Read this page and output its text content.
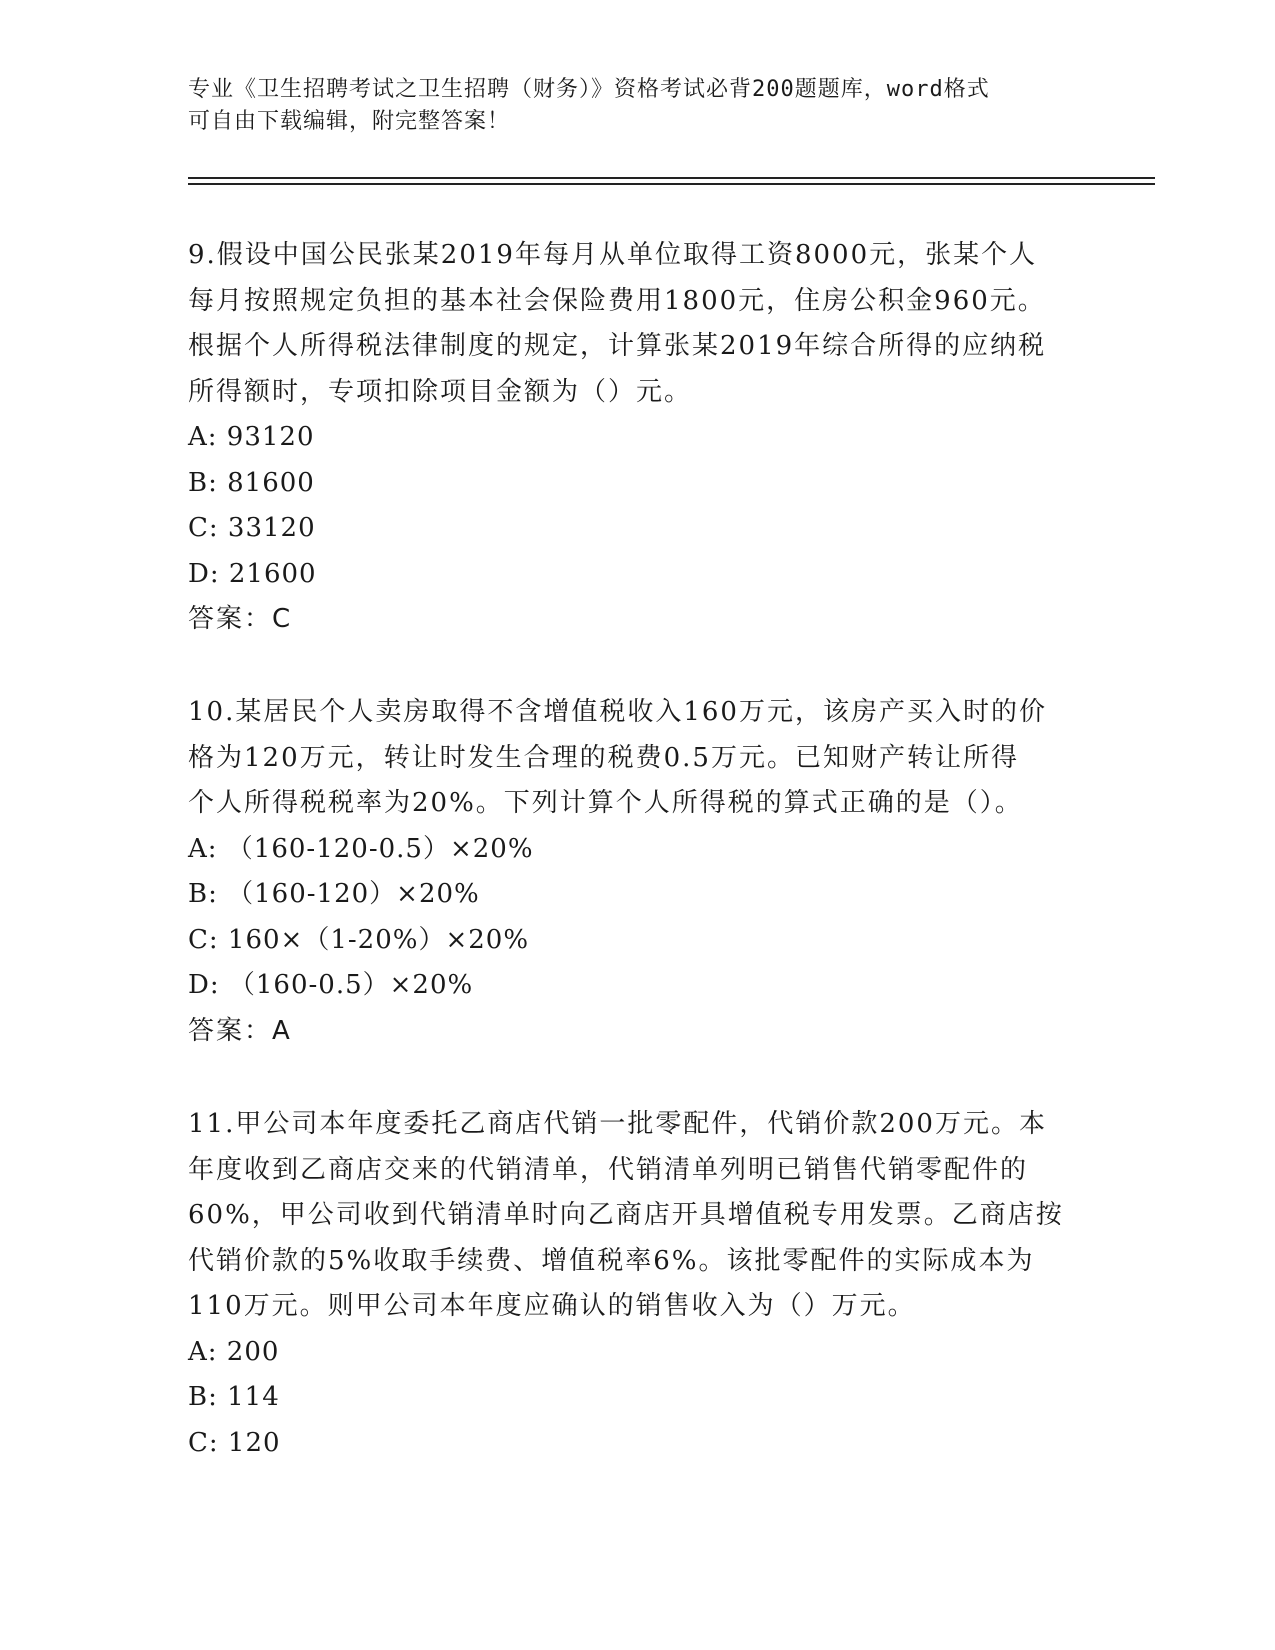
专业《卫生招聘考试之卫生招聘（财务）》资格考试必背200题题库，word格式
可自由下载编辑，附完整答案！
9.假设中国公民张某2019年每月从单位取得工资8000元，张某个人
每月按照规定负担的基本社会保险费用1800元，住房公积金960元。
根据个人所得税法律制度的规定，计算张某2019年综合所得的应纳税
所得额时，专项扣除项目金额为（）元。
A: 93120
B: 81600
C: 33120
D: 21600
答案：C
10.某居民个人卖房取得不含增值税收入160万元，该房产买入时的价
格为120万元，转让时发生合理的税费0.5万元。已知财产转让所得
个人所得税税率为20%。下列计算个人所得税的算式正确的是（）。
A: （160-120-0.5）×20%
B: （160-120）×20%
C: 160×（1-20%）×20%
D: （160-0.5）×20%
答案：A
11.甲公司本年度委托乙商店代销一批零配件，代销价款200万元。本
年度收到乙商店交来的代销清单，代销清单列明已销售代销零配件的
60%，甲公司收到代销清单时向乙商店开具增值税专用发票。乙商店按
代销价款的5%收取手续费、增值税率6%。该批零配件的实际成本为
110万元。则甲公司本年度应确认的销售收入为（）万元。
A: 200
B: 114
C: 120
